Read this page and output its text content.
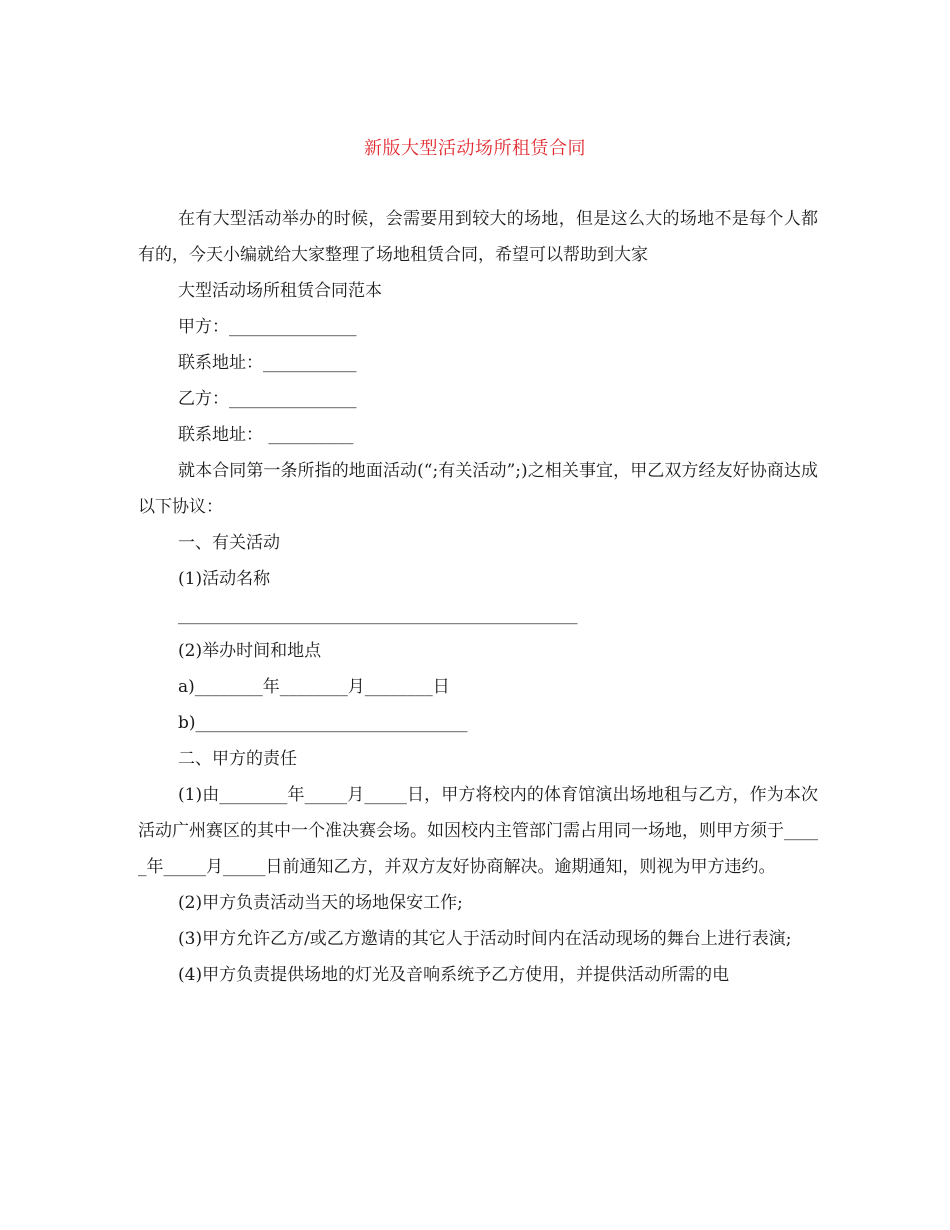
新版大型活动场所租赁合同

在有大型活动举办的时候，会需要用到较大的场地，但是这么大的场地不是每个人都有的，今天小编就给大家整理了场地租赁合同，希望可以帮助到大家

大型活动场所租赁合同范本

甲方：_______________

联系地址：___________

乙方：_______________

联系地址： __________

就本合同第一条所指的地面活动(“;有关活动”;)之相关事宜，甲乙双方经友好协商达成以下协议：

一、有关活动

(1)活动名称

_______________________________________________

(2)举办时间和地点

a)________年________月________日

b)________________________________

二、甲方的责任

(1)由________年_____月_____日，甲方将校内的体育馆演出场地租与乙方，作为本次活动广州赛区的其中一个准决赛会场。如因校内主管部门需占用同一场地，则甲方须于_____年_____月_____日前通知乙方，并双方友好协商解决。逾期通知，则视为甲方违约。

(2)甲方负责活动当天的场地保安工作;

(3)甲方允许乙方/或乙方邀请的其它人于活动时间内在活动现场的舞台上进行表演;

(4)甲方负责提供场地的灯光及音响系统予乙方使用，并提供活动所需的电
